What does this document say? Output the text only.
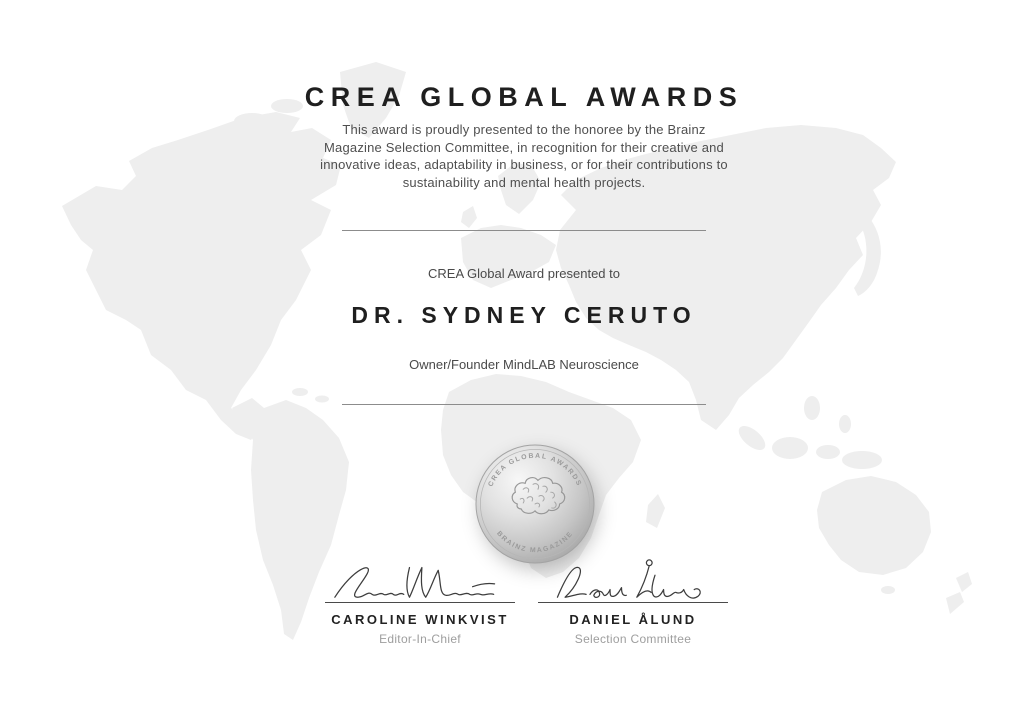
CREA GLOBAL AWARDS

This award is proudly presented to the honoree by the Brainz Magazine Selection Committee, in recognition for their creative and innovative ideas, adaptability in business, or for their contributions to sustainability and mental health projects.

CREA Global Award presented to
DR. SYDNEY CERUTO
Owner/Founder MindLAB Neuroscience
CREA GLOBAL AWARDS
BRAINZ MAGAZINE
CAROLINE WINKVIST
Editor-In-Chief
DANIEL ÅLUND
Selection Committee
